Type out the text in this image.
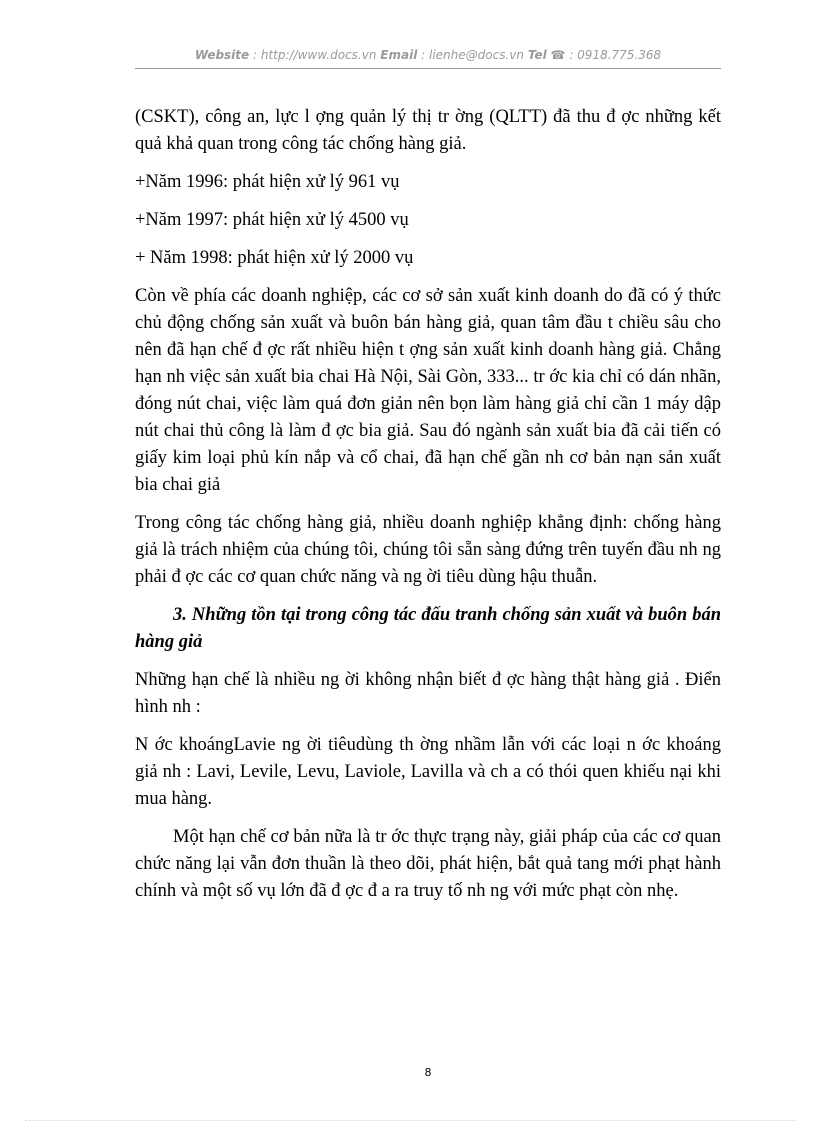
Website : http://www.docs.vn Email : lienhe@docs.vn Tel ☎ : 0918.775.368

(CSKT), công an, lực l ợng quản lý thị tr ờng (QLTT) đã thu đ ợc những kết quả khả quan trong công tác chống hàng giả.

+Năm 1996: phát hiện xử lý 961 vụ

+Năm 1997: phát hiện xử lý 4500 vụ

+ Năm 1998: phát hiện xử lý 2000 vụ

Còn về phía các doanh nghiệp, các cơ sở sản xuất kinh doanh do đã có ý thức chủ động chống sản xuất và buôn bán hàng giả, quan tâm đầu t chiều sâu cho nên đã hạn chế đ ợc rất nhiều hiện t ợng sản xuất kinh doanh hàng giả. Chẳng hạn nh việc sản xuất bia chai Hà Nội, Sài Gòn, 333... tr ớc kia chỉ có dán nhãn, đóng nút chai, việc làm quá đơn giản nên bọn làm hàng giả chỉ cần 1 máy dập nút chai thủ công là làm đ ợc bia giả. Sau đó ngành sản xuất bia đã cải tiến có giấy kim loại phủ kín nắp và cổ chai, đã hạn chế gần nh cơ bản nạn sản xuất bia chai giả

Trong công tác chống hàng giả, nhiều doanh nghiệp khẳng định: chống hàng giả là trách nhiệm của chúng tôi, chúng tôi sẵn sàng đứng trên tuyến đầu nh ng phải đ ợc các cơ quan chức năng và ng ời tiêu dùng hậu thuẫn.

3. Những tồn tại trong công tác đấu tranh chống sản xuất và buôn bán hàng giả

Những hạn chế là nhiều ng ời không nhận biết đ ợc hàng thật hàng giả . Điển hình nh :

N ớc khoángLavie ng ời tiêudùng th ờng nhầm lẫn với các loại n ớc khoáng giả nh : Lavi, Levile, Levu, Laviole, Lavilla và ch a có thói quen khiếu nại khi mua hàng.

Một hạn chế cơ bản nữa là tr ớc thực trạng này, giải pháp của các cơ quan chức năng lại vẫn đơn thuần là theo dõi, phát hiện, bắt quả tang mới phạt hành chính và một số vụ lớn đã đ ợc đ a ra truy tố nh ng với mức phạt còn nhẹ.

8
